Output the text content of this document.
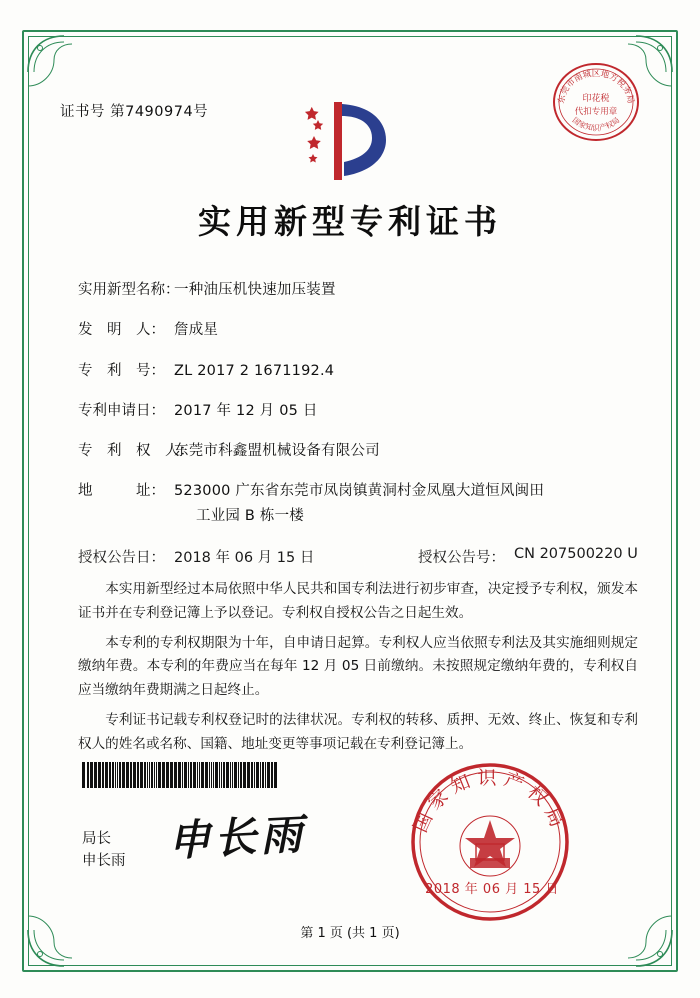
证书号 第7490974号
东莞市南城区地方税务局
印花税
代扣专用章
国家知识产权局
实用新型专利证书
实用新型名称：
一种油压机快速加压装置
发　明　人： 詹成星
专　利　号： ZL 2017 2 1671192.4
专利申请日： 2017 年 12 月 05 日
专　利　权　人：
东莞市科鑫盟机械设备有限公司
地　　　址： 523000 广东省东莞市凤岗镇黄洞村金凤凰大道恒风闽田
工业园 B 栋一楼
授权公告日： 2018 年 06 月 15 日	授权公告号： CN 207500220 U

本实用新型经过本局依照中华人民共和国专利法进行初步审查，决定授予专利权，颁发本证书并在专利登记簿上予以登记。专利权自授权公告之日起生效。

本专利的专利权期限为十年，自申请日起算。专利权人应当依照专利法及其实施细则规定缴纳年费。本专利的年费应当在每年 12 月 05 日前缴纳。未按照规定缴纳年费的，专利权自应当缴纳年费期满之日起终止。

专利证书记载专利权登记时的法律状况。专利权的转移、质押、无效、终止、恢复和专利权人的姓名或名称、国籍、地址变更等事项记载在专利登记簿上。

局长
申长雨 申长雨	国家知识产权局
2018 年 06 月 15 日
第 1 页 (共 1 页)
